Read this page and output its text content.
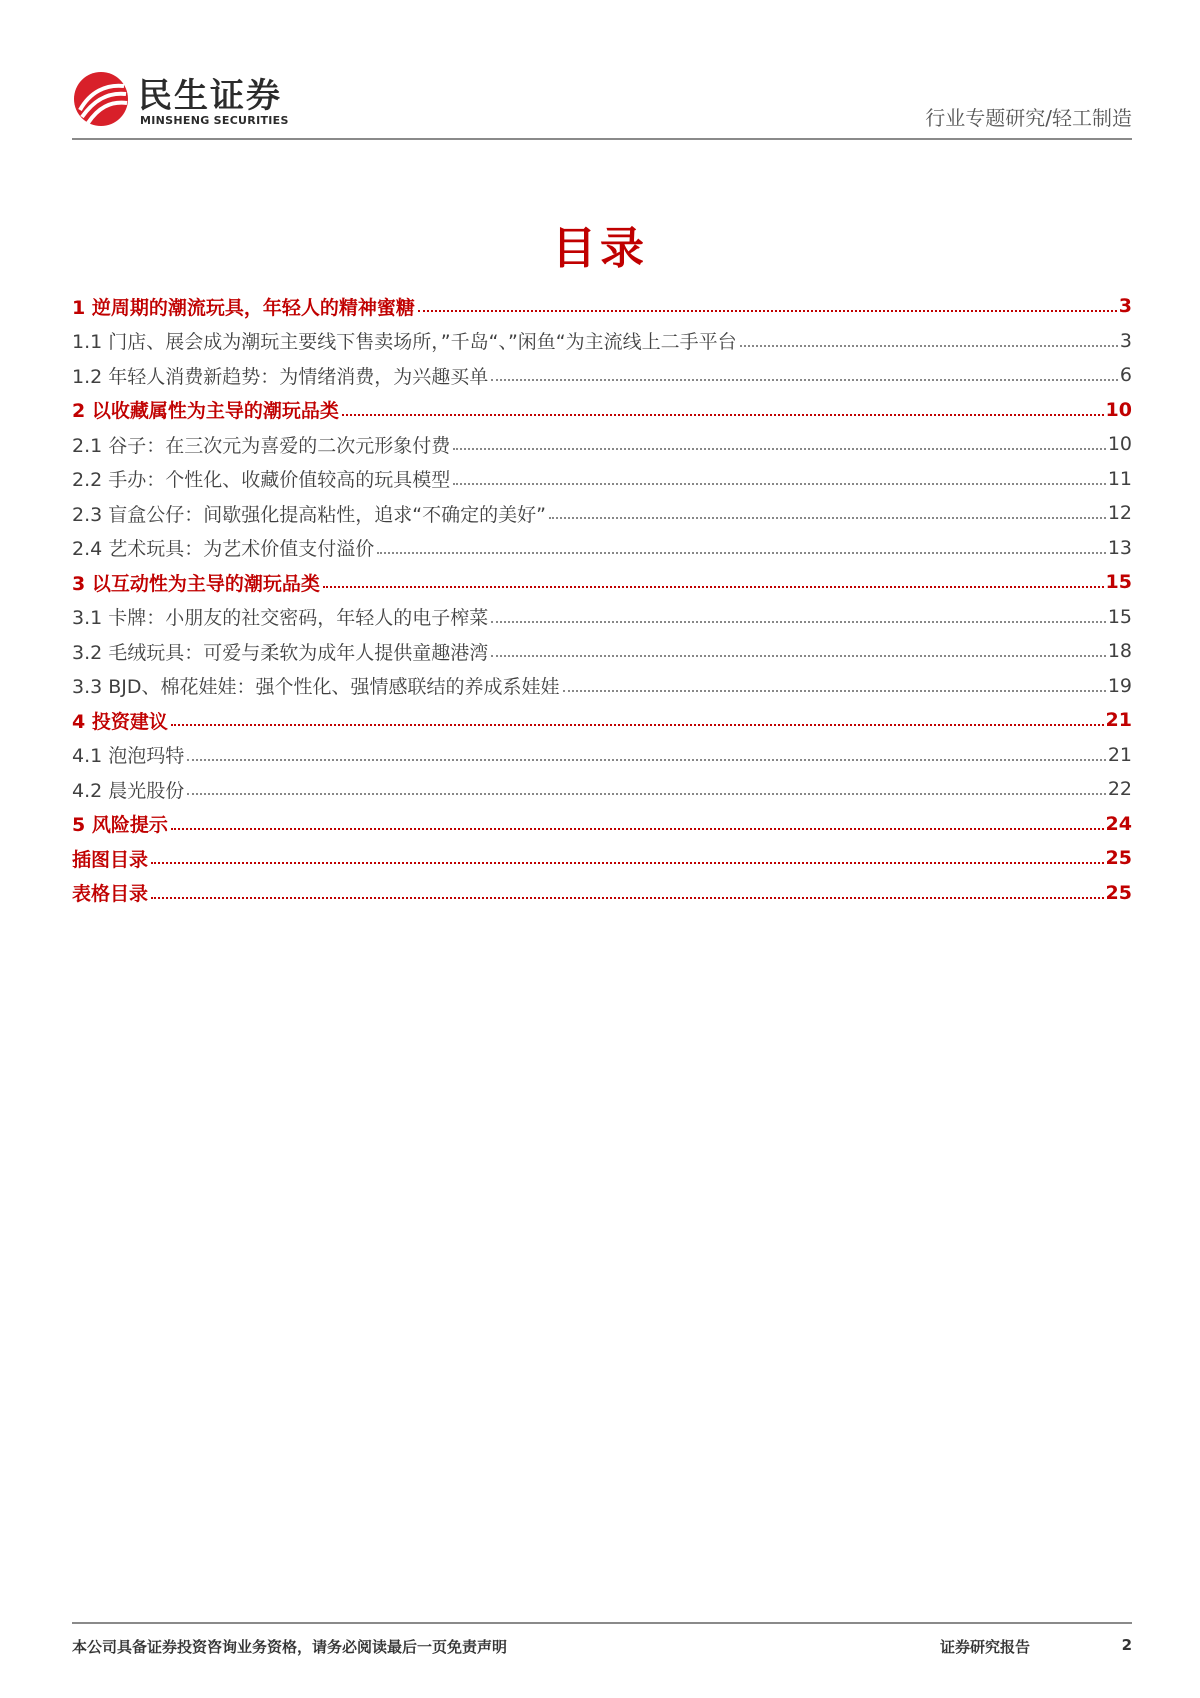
民生证券
MINSHENG SECURITIES	行业专题研究/轻工制造
目录
1 逆周期的潮流玩具，年轻人的精神蜜糖	3
1.1 门店、展会成为潮玩主要线下售卖场所，”千岛“、”闲鱼“为主流线上二手平台	3
1.2 年轻人消费新趋势：为情绪消费，为兴趣买单	6
2 以收藏属性为主导的潮玩品类	10
2.1 谷子：在三次元为喜爱的二次元形象付费	10
2.2 手办：个性化、收藏价值较高的玩具模型	11
2.3 盲盒公仔：间歇强化提高粘性，追求“不确定的美好”	12
2.4 艺术玩具：为艺术价值支付溢价	13
3 以互动性为主导的潮玩品类	15
3.1 卡牌：小朋友的社交密码，年轻人的电子榨菜	15
3.2 毛绒玩具：可爱与柔软为成年人提供童趣港湾	18
3.3 BJD、棉花娃娃：强个性化、强情感联结的养成系娃娃	19
4 投资建议	21
4.1 泡泡玛特	21
4.2 晨光股份	22
5 风险提示	24
插图目录	25
表格目录	25
本公司具备证券投资咨询业务资格，请务必阅读最后一页免责声明	证券研究报告	2
